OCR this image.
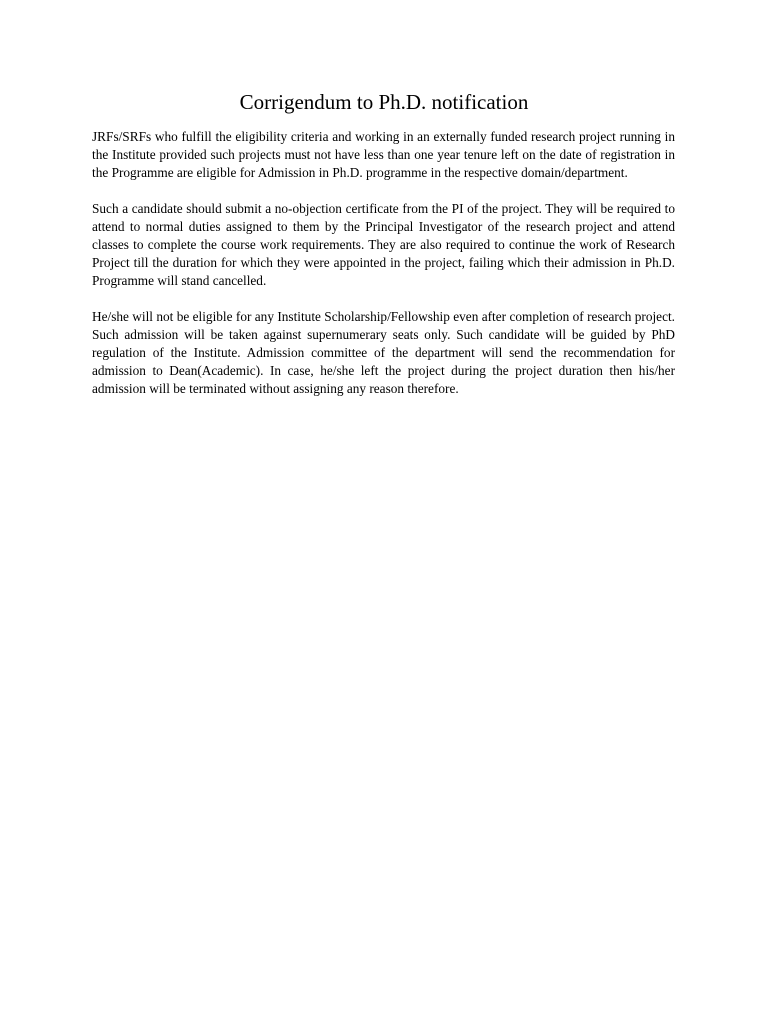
Corrigendum to Ph.D. notification

JRFs/SRFs who fulfill the eligibility criteria and working in an externally funded research project running in the Institute provided such projects must not have less than one year tenure left on the date of registration in the Programme are eligible for Admission in Ph.D. programme in the respective domain/department.

Such a candidate should submit a no-objection certificate from the PI of the project. They will be required to attend to normal duties assigned to them by the Principal Investigator of the research project and attend classes to complete the course work requirements. They are also required to continue the work of Research Project till the duration for which they were appointed in the project, failing which their admission in Ph.D. Programme will stand cancelled.

He/she will not be eligible for any Institute Scholarship/Fellowship even after completion of research project.  Such admission will be taken against supernumerary seats only. Such candidate will be guided by PhD regulation of the Institute. Admission committee of the department will send the recommendation for admission to Dean(Academic). In case, he/she left the project during the project duration then his/her admission will be terminated without assigning any reason therefore.
